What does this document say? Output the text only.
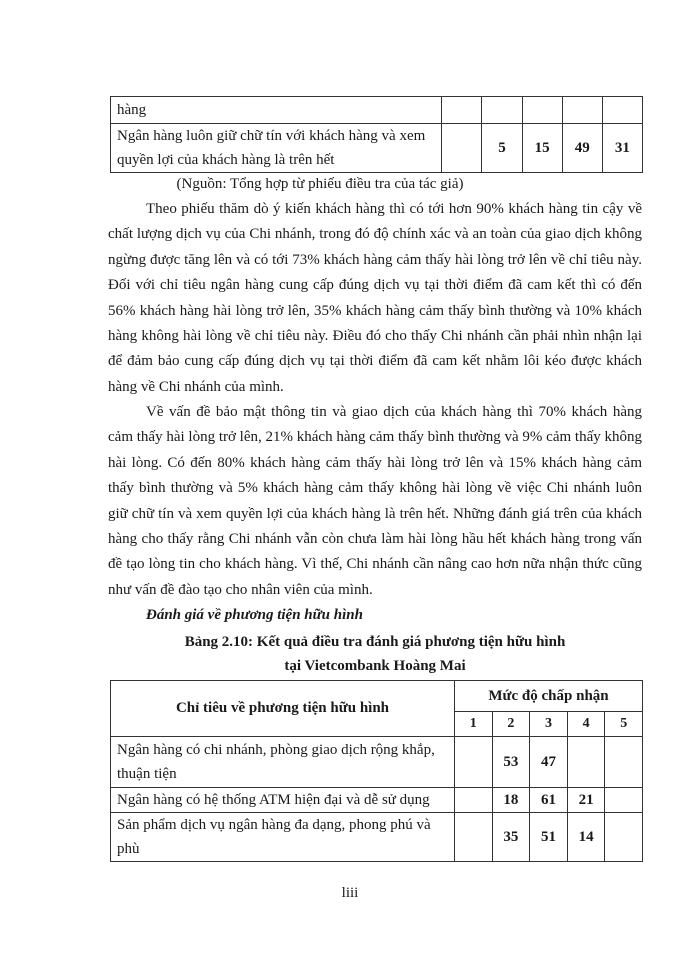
hàng					
Ngân hàng luôn giữ chữ tín với khách hàng và xem quyền lợi của khách hàng là trên hết		5	15	49	31
(Nguồn: Tổng hợp từ phiếu điều tra của tác giả)

Theo phiếu thăm dò ý kiến khách hàng thì có tới hơn 90% khách hàng tin cậy về chất lượng dịch vụ của Chi nhánh, trong đó độ chính xác và an toàn của giao dịch không ngừng được tăng lên và có tới 73% khách hàng cảm thấy hài lòng trở lên về chỉ tiêu này. Đối với chỉ tiêu ngân hàng cung cấp đúng dịch vụ tại thời điểm đã cam kết thì có đến 56% khách hàng hài lòng trở lên, 35% khách hàng cảm thấy bình thường và 10% khách hàng không hài lòng về chỉ tiêu này. Điều đó cho thấy Chi nhánh cần phải nhìn nhận lại để đảm bảo cung cấp đúng dịch vụ tại thời điểm đã cam kết nhằm lôi kéo được khách hàng về Chi nhánh của mình.

Về vấn đề bảo mật thông tin và giao dịch của khách hàng thì 70% khách hàng cảm thấy hài lòng trở lên, 21% khách hàng cảm thấy bình thường và 9% cảm thấy không hài lòng. Có đến 80% khách hàng cảm thấy hài lòng trở lên và 15% khách hàng cảm thấy bình thường và 5% khách hàng cảm thấy không hài lòng về việc Chi nhánh luôn giữ chữ tín và xem quyền lợi của khách hàng là trên hết. Những đánh giá trên của khách hàng cho thấy rằng Chi nhánh vẫn còn chưa làm hài lòng hầu hết khách hàng trong vấn đề tạo lòng tin cho khách hàng. Vì thế, Chi nhánh cần nâng cao hơn nữa nhận thức cũng như vấn đề đào tạo cho nhân viên của mình.

Đánh giá về phương tiện hữu hình
Bảng 2.10: Kết quả điều tra đánh giá phương tiện hữu hình
tại Vietcombank Hoàng Mai
Chỉ tiêu về phương tiện hữu hình	Mức độ chấp nhận				
	1	2	3	4	5
Ngân hàng có chi nhánh, phòng giao dịch rộng khắp, thuận tiện		53	47		
Ngân hàng có hệ thống ATM hiện đại và dễ sử dụng		18	61	21	
Sản phẩm dịch vụ ngân hàng đa dạng, phong phú và phù		35	51	14	
liii
